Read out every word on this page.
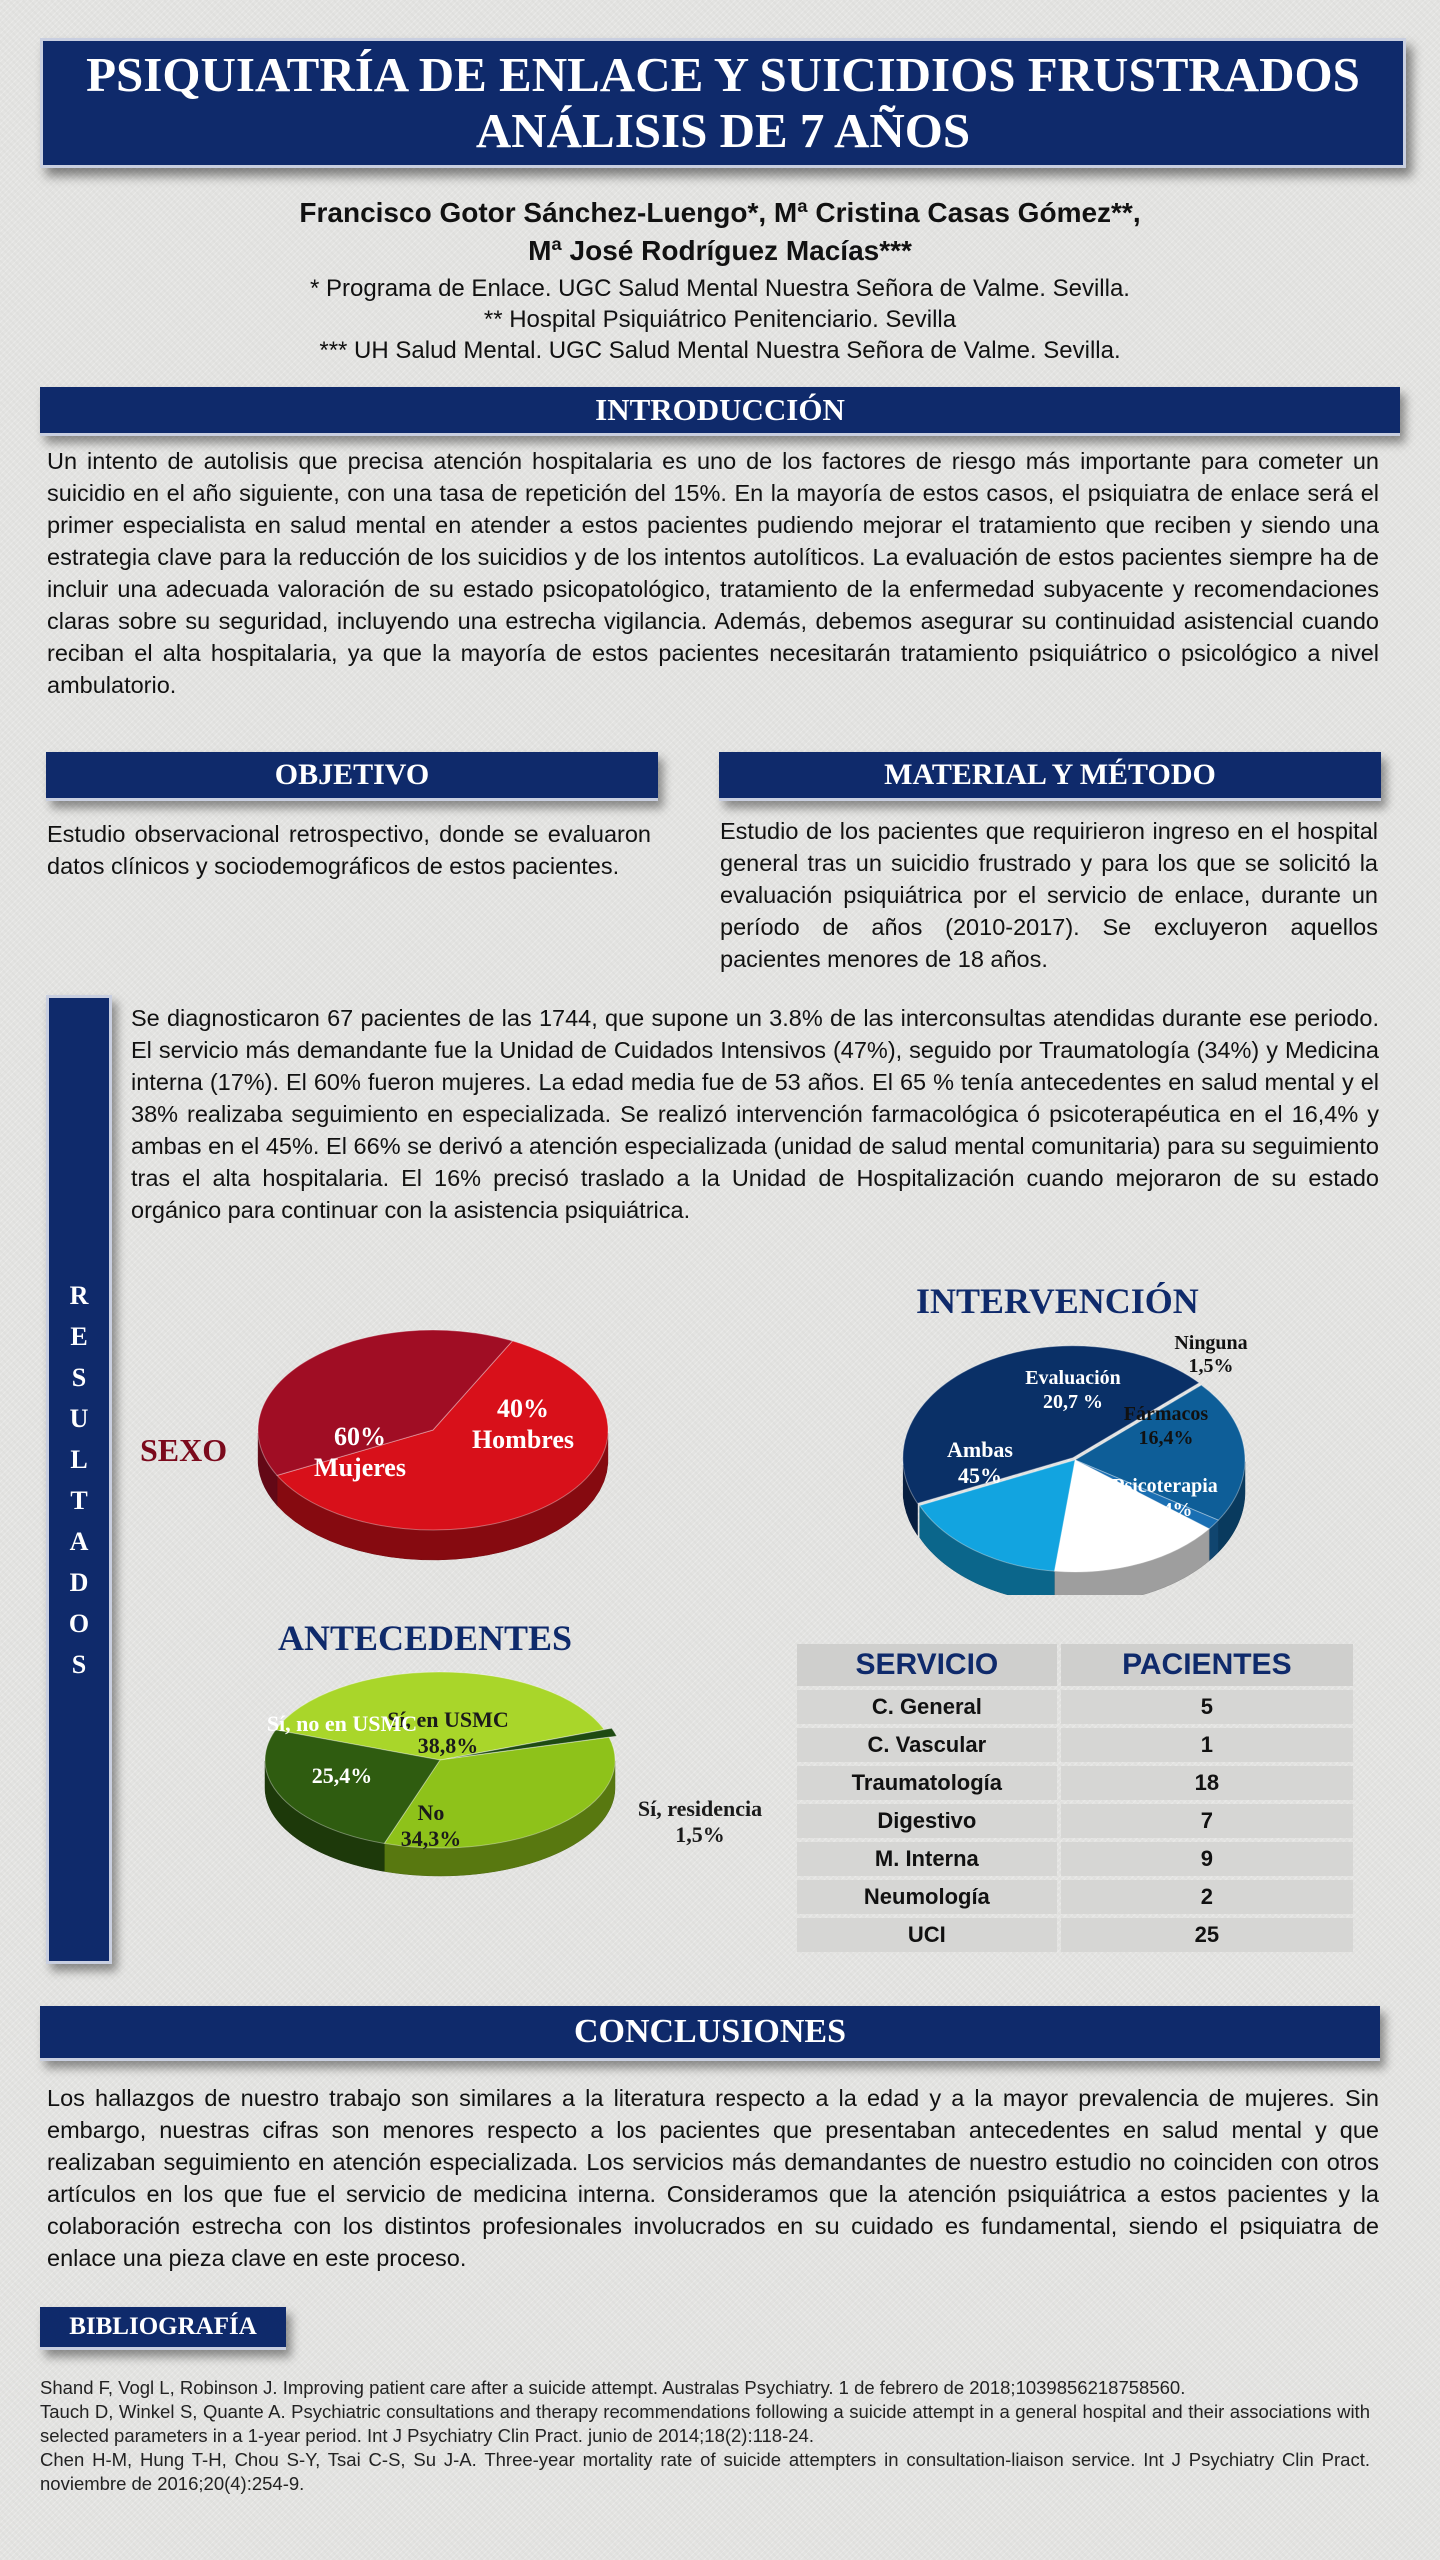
PSIQUIATRÍA DE ENLACE Y SUICIDIOS FRUSTRADOS
ANÁLISIS DE 7 AÑOS
Francisco Gotor Sánchez-Luengo*, Mª Cristina Casas Gómez**,
Mª José Rodríguez Macías***
* Programa de Enlace. UGC Salud Mental Nuestra Señora de Valme. Sevilla.
** Hospital Psiquiátrico Penitenciario. Sevilla
*** UH Salud Mental. UGC Salud Mental Nuestra Señora de Valme. Sevilla.
INTRODUCCIÓN
Un intento de autolisis que precisa atención hospitalaria es uno de los factores de riesgo más importante para cometer un suicidio en el año siguiente, con una tasa de repetición del 15%. En la mayoría de estos casos, el psiquiatra de enlace será el primer especialista en salud mental en atender a estos pacientes pudiendo mejorar el tratamiento que reciben y siendo una estrategia clave para la reducción de los suicidios y de los intentos autolíticos. La evaluación de estos pacientes siempre ha de incluir una adecuada valoración de su estado psicopatológico, tratamiento de la enfermedad subyacente y recomendaciones claras sobre su seguridad, incluyendo una estrecha vigilancia. Además, debemos asegurar su continuidad asistencial cuando reciban el alta hospitalaria, ya que la mayoría de estos pacientes necesitarán tratamiento psiquiátrico o psicológico a nivel ambulatorio.
OBJETIVO
Estudio observacional retrospectivo, donde se evaluaron datos clínicos y sociodemográficos de estos pacientes.
MATERIAL Y MÉTODO
Estudio de los pacientes que requirieron ingreso en el hospital general tras un suicidio frustrado y para los que se solicitó la evaluación psiquiátrica por el servicio de enlace, durante un período de años (2010-2017). Se excluyeron aquellos pacientes menores de 18 años.
R
E
S
U
L
T
A
D
O
S
Se diagnosticaron 67 pacientes de las 1744, que supone un 3.8% de las interconsultas atendidas durante ese periodo. El servicio más demandante fue la Unidad de Cuidados Intensivos (47%), seguido por Traumatología (34%) y Medicina interna (17%). El 60% fueron mujeres. La edad media fue de 53 años. El 65 % tenía antecedentes en salud mental y el 38% realizaba seguimiento en especializada. Se realizó intervención farmacológica ó psicoterapéutica en el 16,4% y ambas en el 45%. El 66% se derivó a atención especializada (unidad de salud mental comunitaria) para su seguimiento tras el alta hospitalaria. El 16% precisó traslado a la Unidad de Hospitalización cuando mejoraron de su estado orgánico para continuar con la asistencia psiquiátrica.
SEXO	60%
Mujeres
40%
Hombres
INTERVENCIÓN
Ambas
45%
Evaluación
20,7 %
Ninguna
1,5%
Fármacos
16,4%
Psicoterapia
16,4%
ANTECEDENTES
Sí, en USMC
38,8%
Sí, no en USMC
25,4%
No
34,3%
Sí, residencia
1,5%
SERVICIO	PACIENTES
C. General	5
C. Vascular	1
Traumatología	18
Digestivo	7
M. Interna	9
Neumología	2
UCI	25
CONCLUSIONES
Los hallazgos de nuestro trabajo son similares a la literatura respecto a la edad y a la mayor prevalencia de mujeres. Sin embargo, nuestras cifras son menores respecto a los pacientes que presentaban antecedentes en salud mental y que realizaban seguimiento en atención especializada. Los servicios más demandantes de nuestro estudio no coinciden con otros artículos en los que fue el servicio de medicina interna. Consideramos que la atención psiquiátrica a estos pacientes y la colaboración estrecha con los distintos profesionales involucrados en su cuidado es fundamental, siendo el psiquiatra de enlace una pieza clave en este proceso.
BIBLIOGRAFÍA
Shand F, Vogl L, Robinson J. Improving patient care after a suicide attempt. Australas Psychiatry. 1 de febrero de 2018;1039856218758560.
Tauch D, Winkel S, Quante A. Psychiatric consultations and therapy recommendations following a suicide attempt in a general hospital and their associations with selected parameters in a 1-year period. Int J Psychiatry Clin Pract. junio de 2014;18(2):118-24.
Chen H-M, Hung T-H, Chou S-Y, Tsai C-S, Su J-A. Three-year mortality rate of suicide attempters in consultation-liaison service. Int J Psychiatry Clin Pract. noviembre de 2016;20(4):254-9.
